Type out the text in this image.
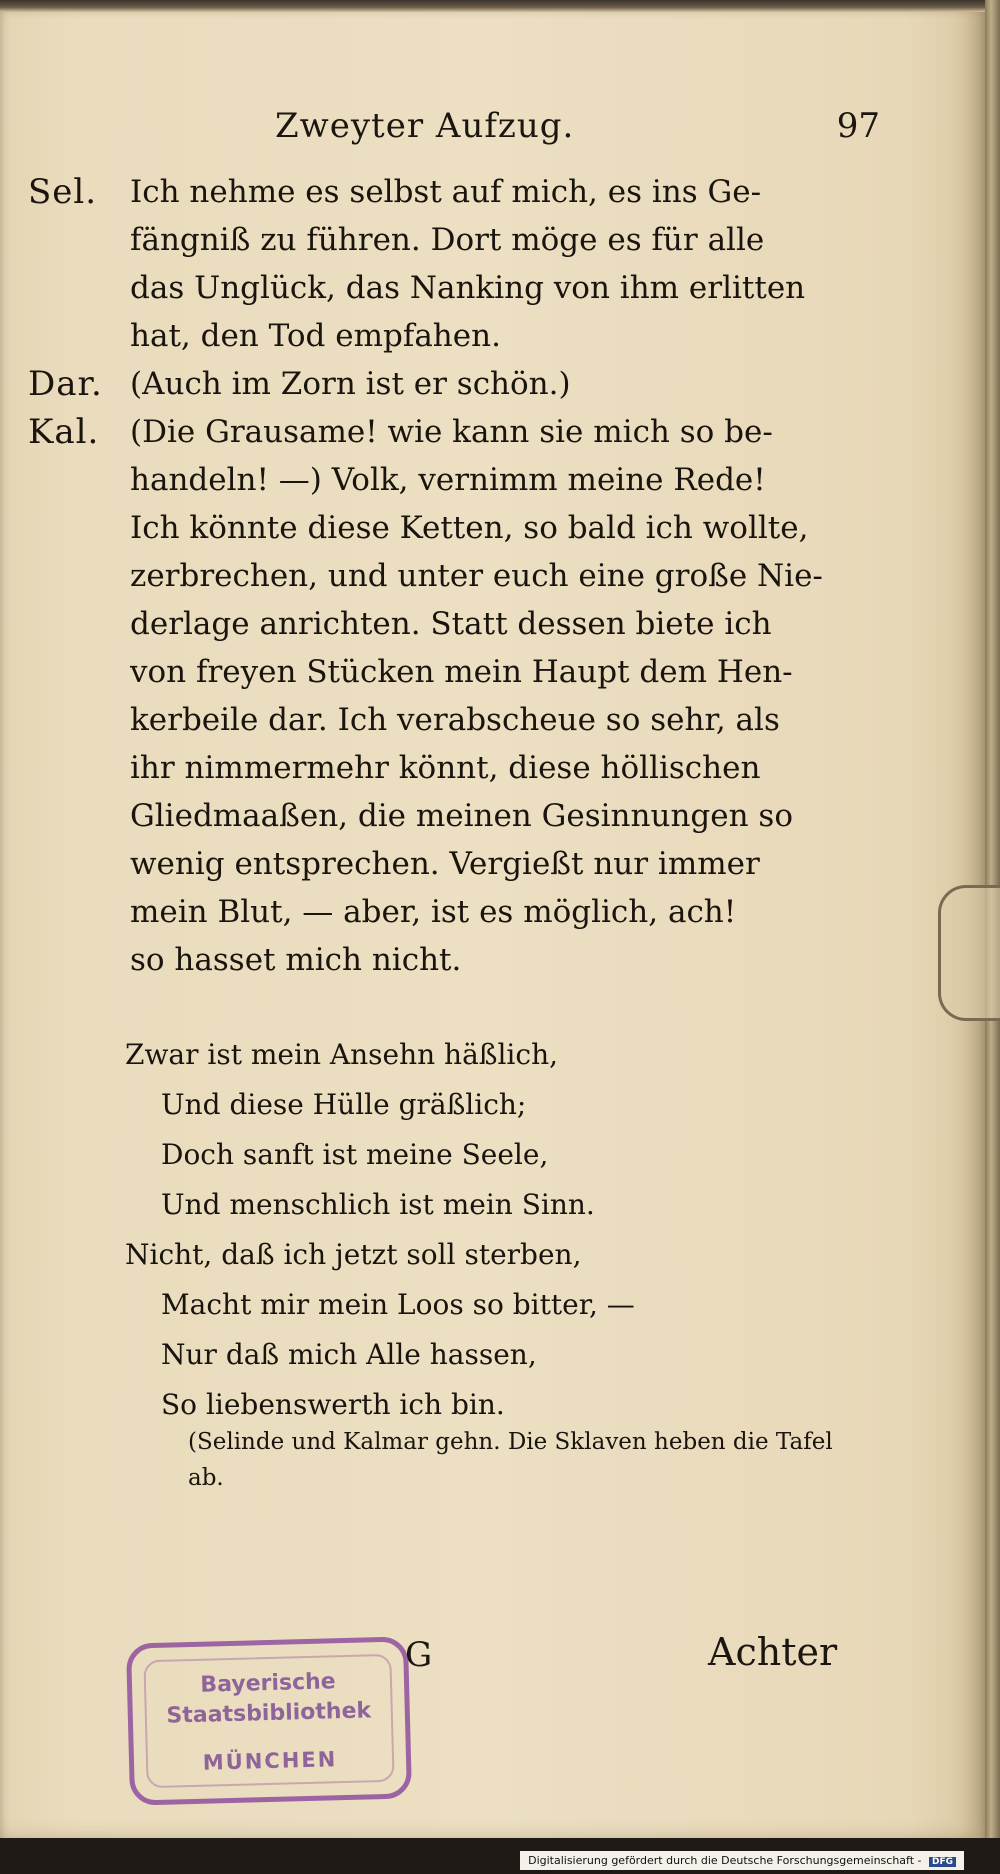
Zweyter Aufzug.	97
Sel. Ich nehme es selbst auf mich, es ins Ge-
fängniß zu führen. Dort möge es für alle
das Unglück, das Nanking von ihm erlitten
hat, den Tod empfahen.
Dar. (Auch im Zorn ist er schön.)
Kal. (Die Grausame! wie kann sie mich so be-
handeln! —) Volk, vernimm meine Rede!
Ich könnte diese Ketten, so bald ich wollte,
zerbrechen, und unter euch eine große Nie-
derlage anrichten. Statt dessen biete ich
von freyen Stücken mein Haupt dem Hen-
kerbeile dar. Ich verabscheue so sehr, als
ihr nimmermehr könnt, diese höllischen
Gliedmaaßen, die meinen Gesinnungen so
wenig entsprechen. Vergießt nur immer
mein Blut, — aber, ist es möglich, ach!
so hasset mich nicht.

Zwar ist mein Ansehn häßlich,

Und diese Hülle gräßlich;

Doch sanft ist meine Seele,

Und menschlich ist mein Sinn.

Nicht, daß ich jetzt soll sterben,

Macht mir mein Loos so bitter, —

Nur daß mich Alle hassen,

So liebenswerth ich bin.

(Selinde und Kalmar gehn. Die Sklaven heben die Tafel ab.
Bayerische
Staatsbibliothek
MÜNCHEN
G	Achter
Digitalisierung gefördert durch die Deutsche Forschungsgemeinschaft - DFG
